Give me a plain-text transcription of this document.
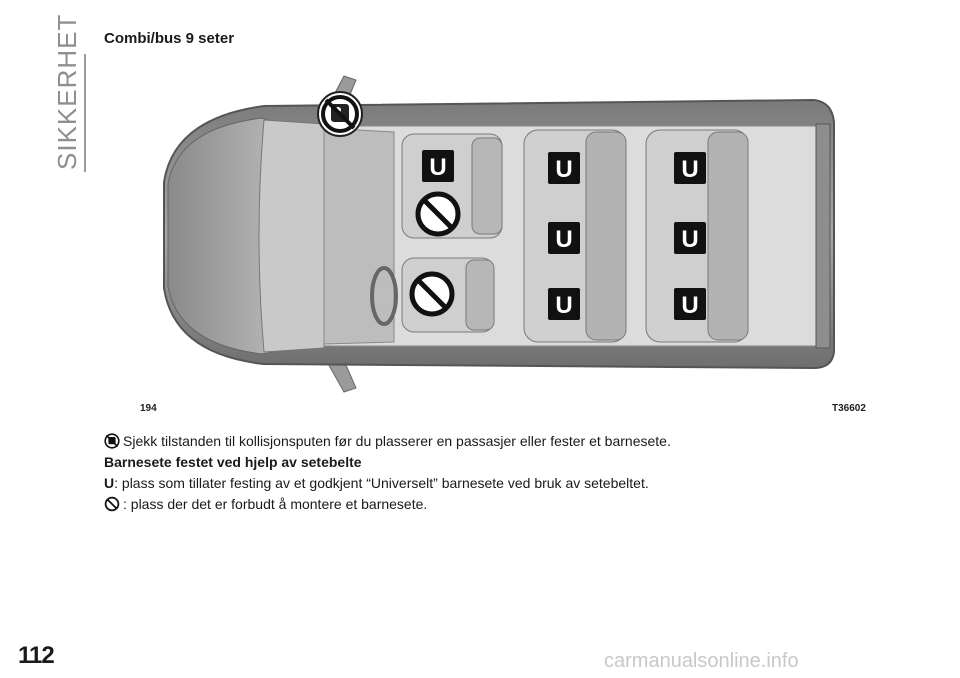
SIKKERHET Combi/bus 9 seter
U	U
U
U
U
U
U
194	T36602

Sjekk tilstanden til kollisjonsputen før du plasserer en passasjer eller fester et barnesete.

Barnesete festet ved hjelp av setebelte

U: plass som tillater festing av et godkjent “Universelt” barnesete ved bruk av setebeltet.

: plass der det er forbudt å montere et barnesete.

112	carmanualsonline.info
